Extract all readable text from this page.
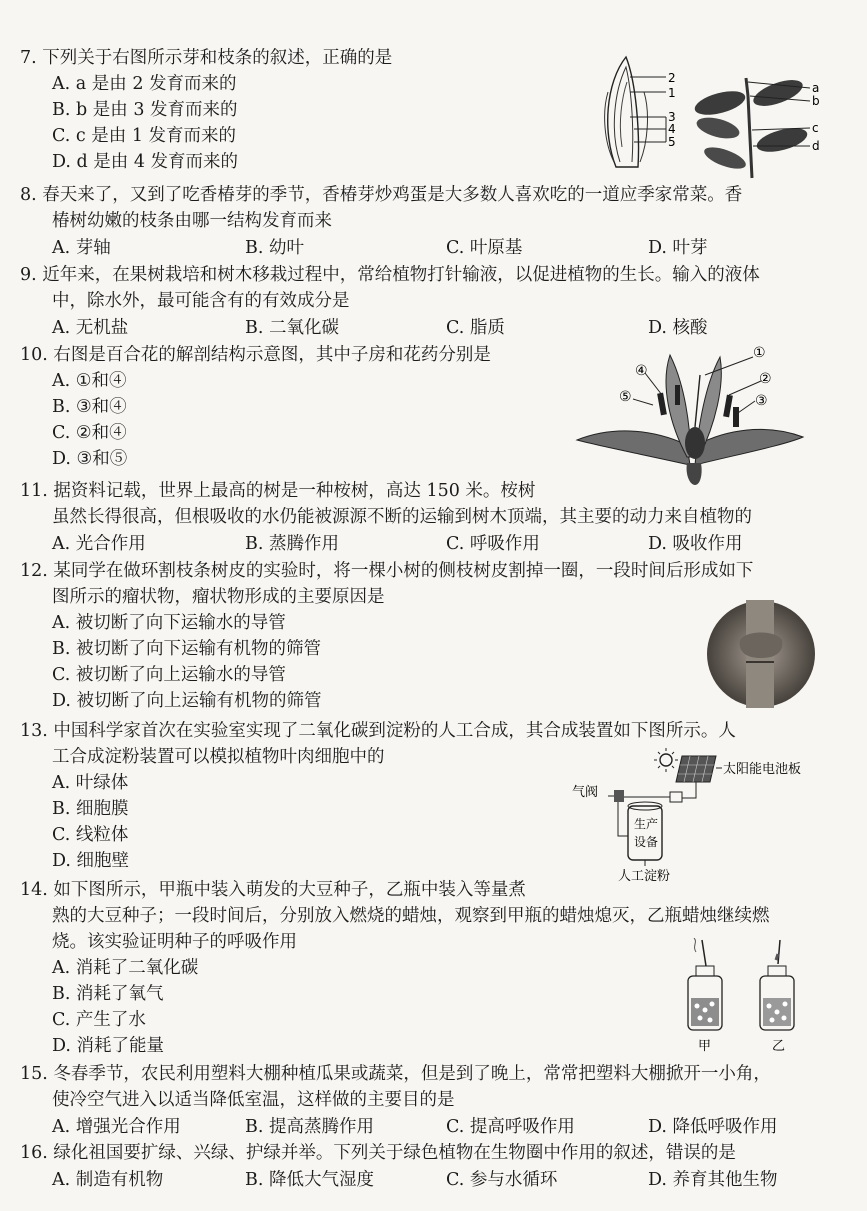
7. 下列关于右图所示芽和枝条的叙述，正确的是
A. a 是由 2 发育而来的
B. b 是由 3 发育而来的
C. c 是由 1 发育而来的
D. d 是由 4 发育而来的
2
1
3
4
5
a
b
c
d
8. 春天来了，又到了吃香椿芽的季节，香椿芽炒鸡蛋是大多数人喜欢吃的一道应季家常菜。香
椿树幼嫩的枝条由哪一结构发育而来
A. 芽轴	B. 幼叶	C. 叶原基	D. 叶芽
9. 近年来，在果树栽培和树木移栽过程中，常给植物打针输液，以促进植物的生长。输入的液体
中，除水外，最可能含有的有效成分是
A. 无机盐	B. 二氧化碳	C. 脂质	D. 核酸
10. 右图是百合花的解剖结构示意图，其中子房和花药分别是
A. ①和④
B. ③和④
C. ②和④
D. ③和⑤
①
②
③
④
⑤
11. 据资料记载，世界上最高的树是一种桉树，高达 150 米。桉树
虽然长得很高，但根吸收的水仍能被源源不断的运输到树木顶端，其主要的动力来自植物的
A. 光合作用	B. 蒸腾作用	C. 呼吸作用	D. 吸收作用
12. 某同学在做环割枝条树皮的实验时，将一棵小树的侧枝树皮割掉一圈，一段时间后形成如下
图所示的瘤状物，瘤状物形成的主要原因是
A. 被切断了向下运输水的导管
B. 被切断了向下运输有机物的筛管
C. 被切断了向上运输水的导管
D. 被切断了向上运输有机物的筛管
13. 中国科学家首次在实验室实现了二氧化碳到淀粉的人工合成，其合成装置如下图所示。人
工合成淀粉装置可以模拟植物叶肉细胞中的
A. 叶绿体
B. 细胞膜
C. 线粒体
D. 细胞壁
太阳能电池板
气阀
生产
设备
人工淀粉
14. 如下图所示，甲瓶中装入萌发的大豆种子，乙瓶中装入等量煮
熟的大豆种子；一段时间后，分别放入燃烧的蜡烛，观察到甲瓶的蜡烛熄灭，乙瓶蜡烛继续燃
烧。该实验证明种子的呼吸作用
A. 消耗了二氧化碳
B. 消耗了氧气
C. 产生了水
D. 消耗了能量	甲	乙
15. 冬春季节，农民利用塑料大棚种植瓜果或蔬菜，但是到了晚上，常常把塑料大棚掀开一小角，
使冷空气进入以适当降低室温，这样做的主要目的是
A. 增强光合作用	B. 提高蒸腾作用	C. 提高呼吸作用	D. 降低呼吸作用
16. 绿化祖国要扩绿、兴绿、护绿并举。下列关于绿色植物在生物圈中作用的叙述，错误的是
A. 制造有机物	B. 降低大气湿度	C. 参与水循环	D. 养育其他生物
